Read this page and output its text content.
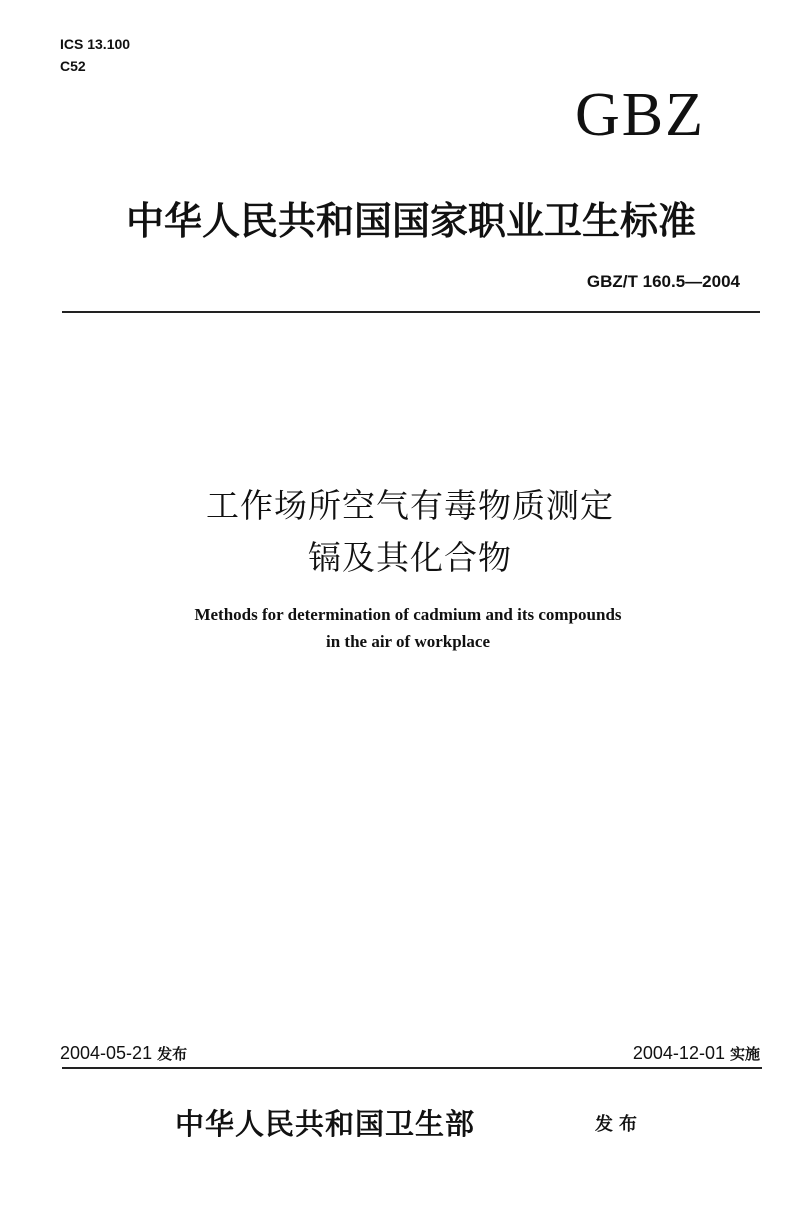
ICS 13.100
C52
GBZ
中华人民共和国国家职业卫生标准
GBZ/T 160.5—2004
工作场所空气有毒物质测定
镉及其化合物
Methods for determination of cadmium and its compounds
in the air of workplace
2004-05-21 发布	2004-12-01 实施
中华人民共和国卫生部	发布
